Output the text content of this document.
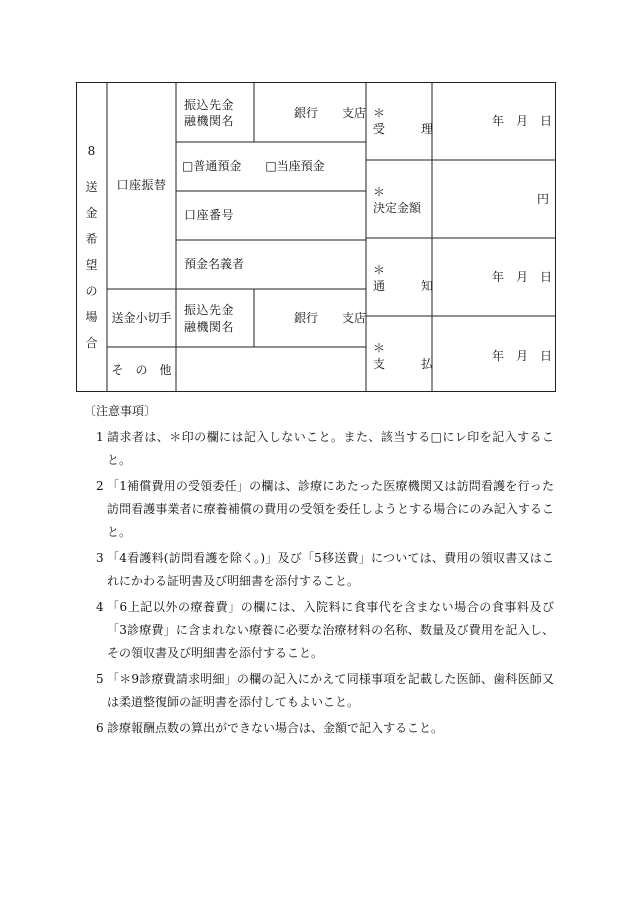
8
送
金
希
望
の
場
合
口座振替
送金小切手
そ　の　他
振込先金
融機関名
銀行　　支店
□普通預金　　□当座預金
口座番号
預金名義者
振込先金
融機関名
銀行　　支店
＊
受　　　理
年　月　日
＊
決定金額
円
＊
通　　　知
年　月　日
＊
支　　　払
年　月　日
〔注意事項〕
1 請求者は、＊印の欄には記入しないこと。また、該当する□にレ印を記入すること。
2 「1補償費用の受領委任」の欄は、診療にあたった医療機関又は訪問看護を行った訪問看護事業者に療養補償の費用の受領を委任しようとする場合にのみ記入すること。
3 「4看護料(訪問看護を除く。)」及び「5移送費」については、費用の領収書又はこれにかわる証明書及び明細書を添付すること。
4 「6上記以外の療養費」の欄には、入院料に食事代を含まない場合の食事料及び「3診療費」に含まれない療養に必要な治療材料の名称、数量及び費用を記入し、その領収書及び明細書を添付すること。
5 「＊9診療費請求明細」の欄の記入にかえて同様事項を記載した医師、歯科医師又は柔道整復師の証明書を添付してもよいこと。
6 診療報酬点数の算出ができない場合は、金額で記入すること。
